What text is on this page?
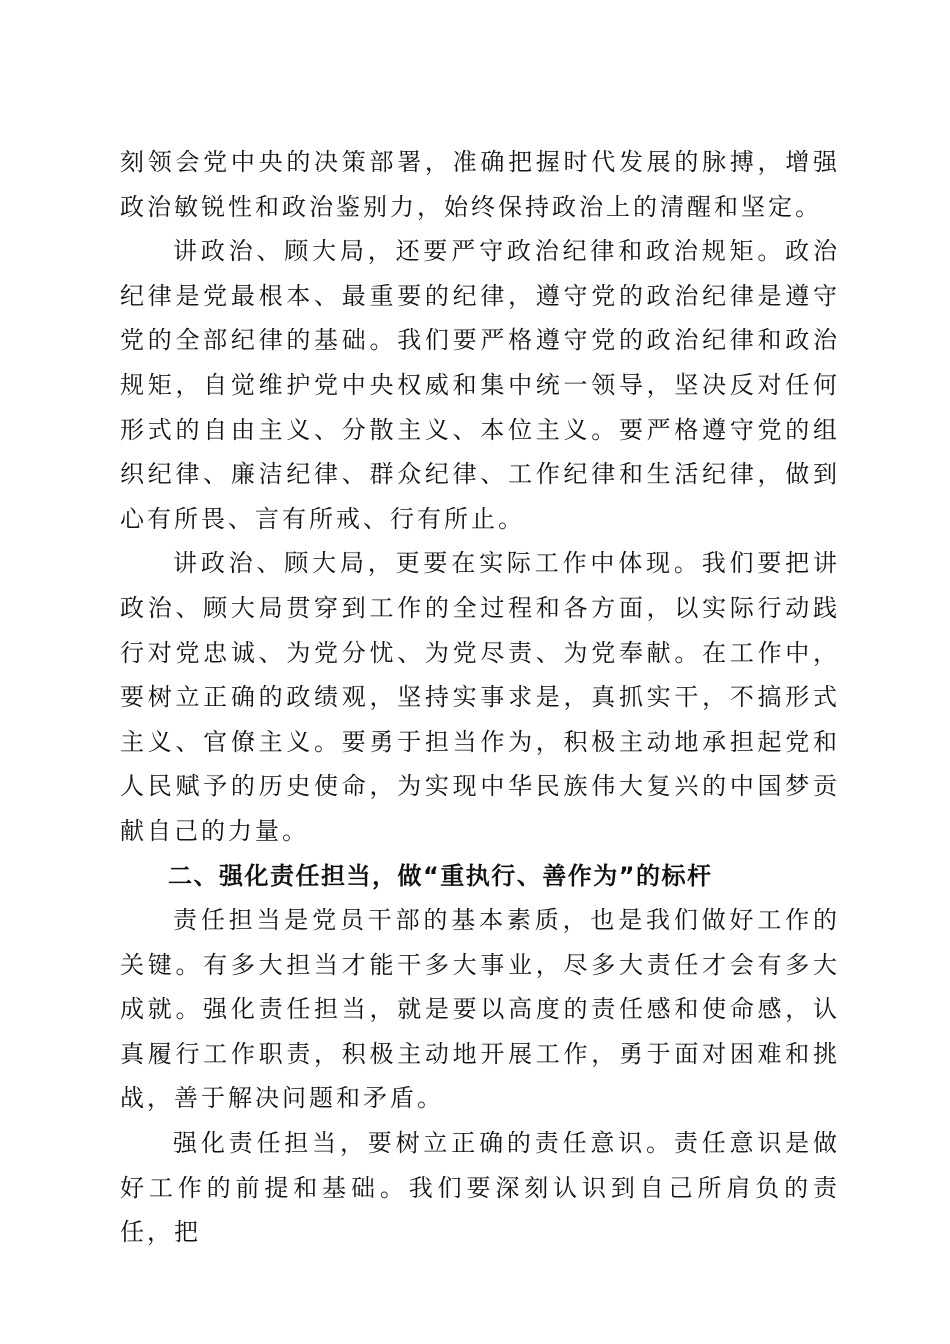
刻领会党中央的决策部署，准确把握时代发展的脉搏，增强政治敏锐性和政治鉴别力，始终保持政治上的清醒和坚定。

讲政治、顾大局，还要严守政治纪律和政治规矩。政治纪律是党最根本、最重要的纪律，遵守党的政治纪律是遵守党的全部纪律的基础。我们要严格遵守党的政治纪律和政治规矩，自觉维护党中央权威和集中统一领导，坚决反对任何形式的自由主义、分散主义、本位主义。要严格遵守党的组织纪律、廉洁纪律、群众纪律、工作纪律和生活纪律，做到心有所畏、言有所戒、行有所止。

讲政治、顾大局，更要在实际工作中体现。我们要把讲政治、顾大局贯穿到工作的全过程和各方面，以实际行动践行对党忠诚、为党分忧、为党尽责、为党奉献。在工作中，要树立正确的政绩观，坚持实事求是，真抓实干，不搞形式主义、官僚主义。要勇于担当作为，积极主动地承担起党和人民赋予的历史使命，为实现中华民族伟大复兴的中国梦贡献自己的力量。

二、强化责任担当，做“重执行、善作为”的标杆

责任担当是党员干部的基本素质，也是我们做好工作的关键。有多大担当才能干多大事业，尽多大责任才会有多大成就。强化责任担当，就是要以高度的责任感和使命感，认真履行工作职责，积极主动地开展工作，勇于面对困难和挑战，善于解决问题和矛盾。

强化责任担当，要树立正确的责任意识。责任意识是做好工作的前提和基础。我们要深刻认识到自己所肩负的责任，把
